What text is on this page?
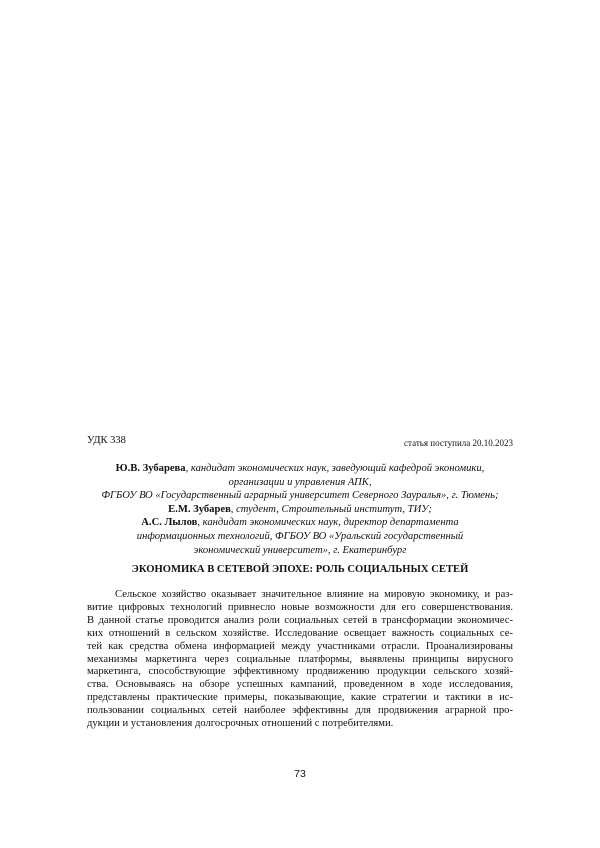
УДК 338	статья поступила 20.10.2023
Ю.В. Зубарева, кандидат экономических наук, заведующий кафедрой экономики,
организации и управления АПК,
ФГБОУ ВО «Государственный аграрный университет Северного Зауралья», г. Тюмень;
Е.М. Зубарев, студент, Строительный институт, ТИУ;
А.С. Лылов, кандидат экономических наук, директор департамента
информационных технологий, ФГБОУ ВО «Уральский государственный
экономический университет», г. Екатеринбург
ЭКОНОМИКА В СЕТЕВОЙ ЭПОХЕ: РОЛЬ СОЦИАЛЬНЫХ СЕТЕЙ
Сельское хозяйство оказывает значительное влияние на мировую экономику, и раз-
витие цифровых технологий привнесло новые возможности для его совершенствования.
В данной статье проводится анализ роли социальных сетей в трансформации экономичес-
ких отношений в сельском хозяйстве. Исследование освещает важность социальных се-
тей как средства обмена информацией между участниками отрасли. Проанализированы
механизмы маркетинга через социальные платформы, выявлены принципы вирусного
маркетинга, способствующие эффективному продвижению продукции сельского хозяй-
ства. Основываясь на обзоре успешных кампаний, проведенном в ходе исследования,
представлены практические примеры, показывающие, какие стратегии и тактики в ис-
пользовании социальных сетей наиболее эффективны для продвижения аграрной про-
дукции и установления долгосрочных отношений с потребителями.
73
